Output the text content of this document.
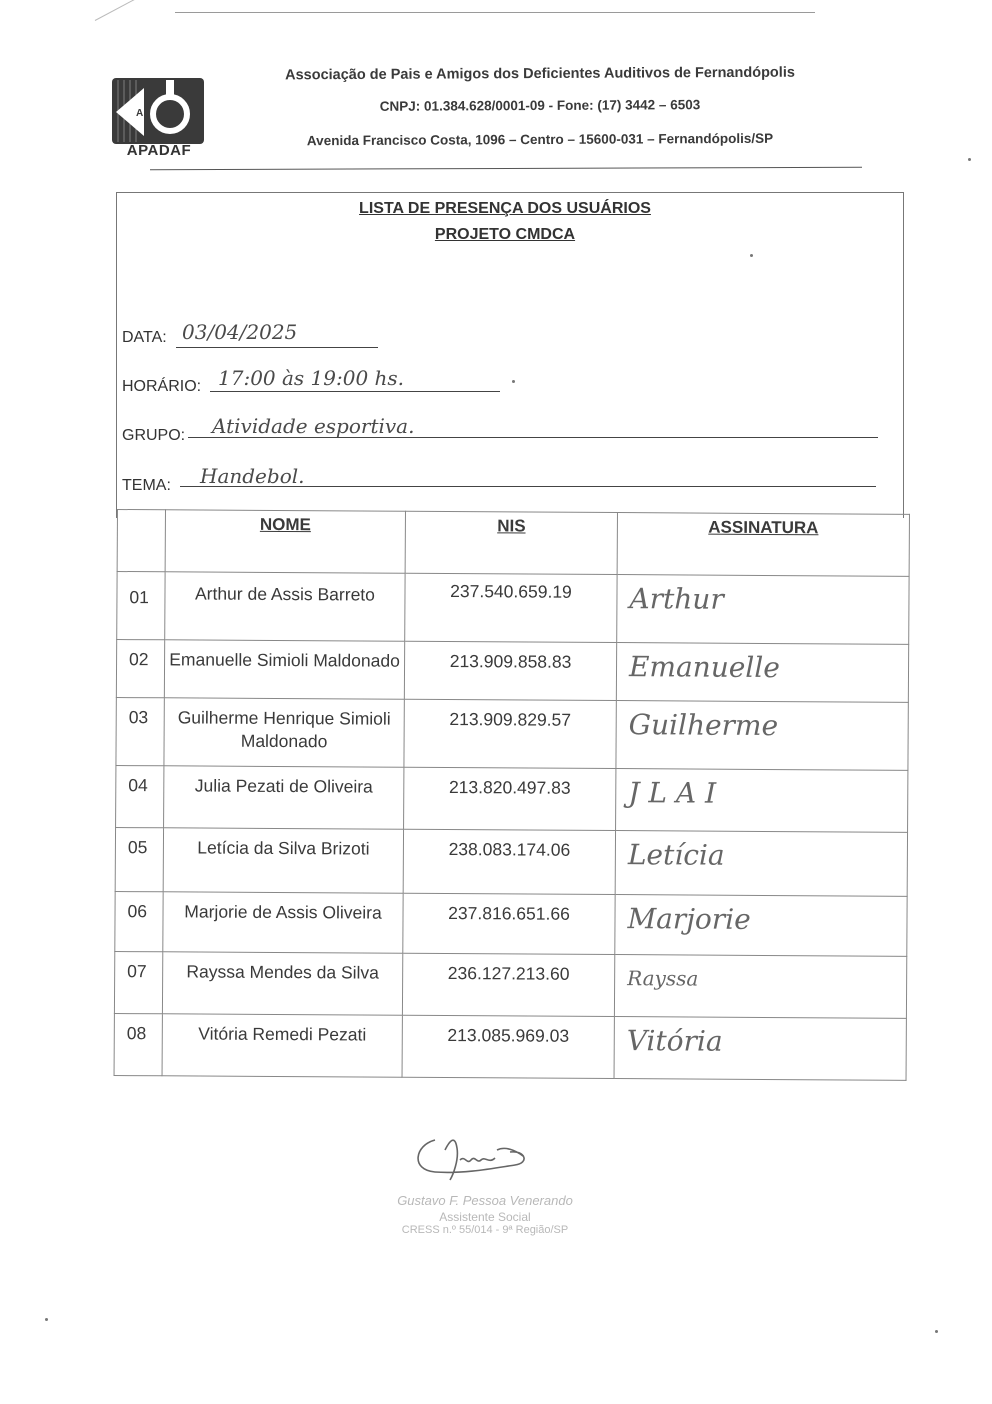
A
APADAF
Associação de Pais e Amigos dos Deficientes Auditivos de Fernandópolis
CNPJ: 01.384.628/0001-09 - Fone: (17) 3442 – 6503
Avenida Francisco Costa, 1096 – Centro – 15600-031 – Fernandópolis/SP
LISTA DE PRESENÇA DOS USUÁRIOS
PROJETO CMDCA
DATA: 03/04/2025
HORÁRIO: 17:00 às 19:00 hs.
GRUPO: Atividade esportiva.
TEMA: Handebol.
	NOME	NIS	ASSINATURA
01	Arthur de Assis Barreto	237.540.659.19	Arthur
02	Emanuelle Simioli Maldonado	213.909.858.83	Emanuelle
03	Guilherme Henrique Simioli Maldonado	213.909.829.57	Guilherme
04	Julia Pezati de Oliveira	213.820.497.83	J L A I
05	Letícia da Silva Brizoti	238.083.174.06	Letícia
06	Marjorie de Assis Oliveira	237.816.651.66	Marjorie
07	Rayssa Mendes da Silva	236.127.213.60	Rayssa
08	Vitória Remedi Pezati	213.085.969.03	Vitória
Gustavo F. Pessoa Venerando
Assistente Social
CRESS n.º 55/014 - 9ª Região/SP
